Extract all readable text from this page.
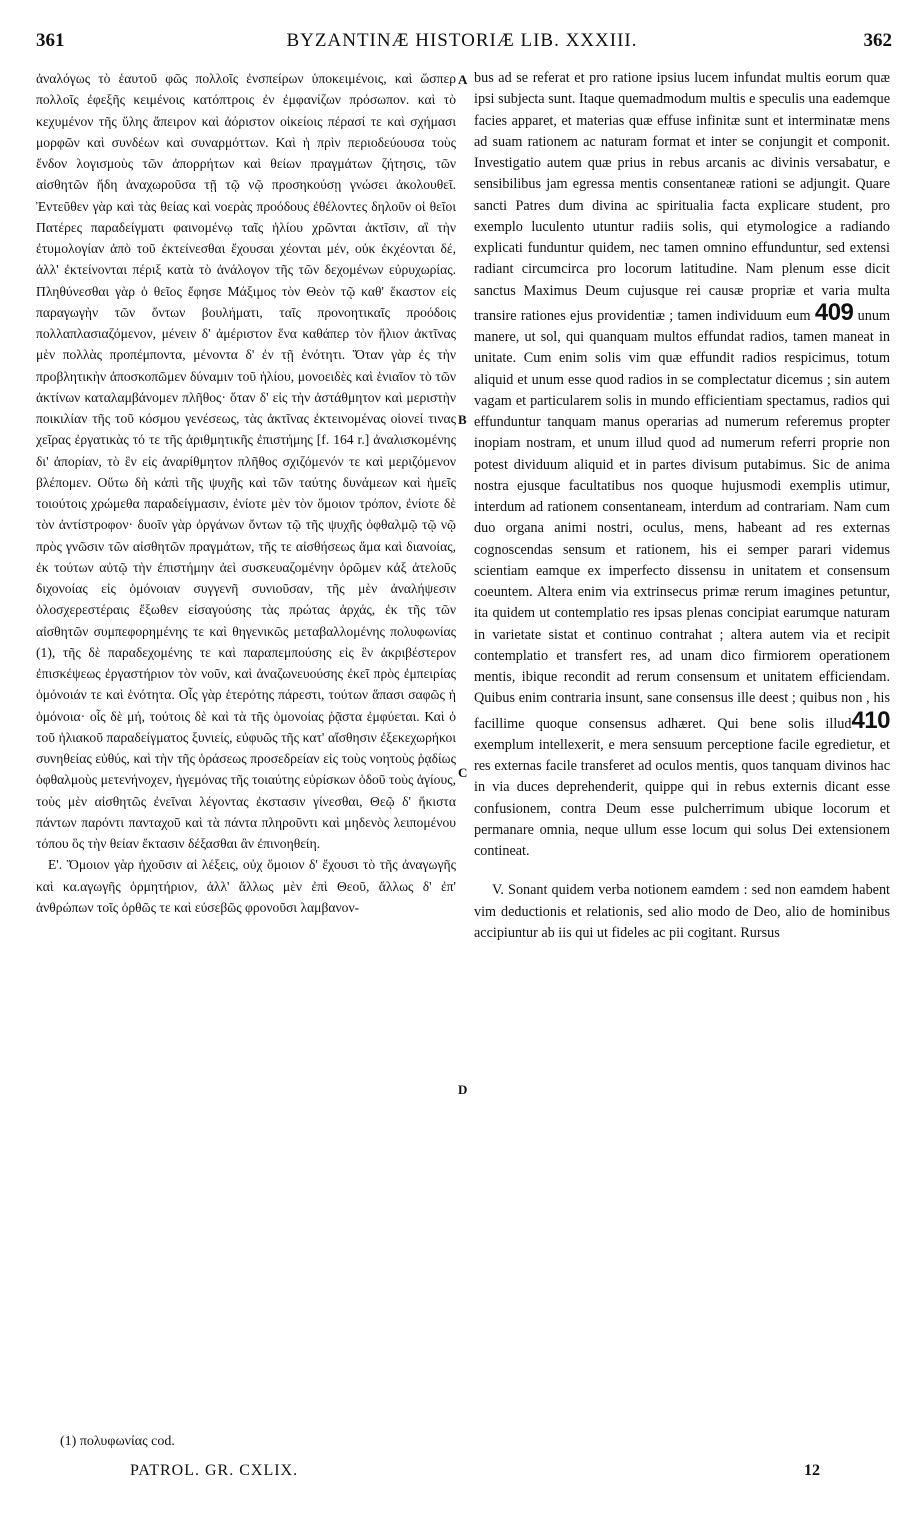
361	BYZANTINÆ HISTORIÆ LIB. XXXIII.	362

ἀναλόγως τὸ ἑαυτοῦ φῶς πολλοῖς ἐνσπείρων ὑποκειμένοις, καὶ ὥσπερ πολλοῖς ἐφεξῆς κειμένοις κατόπτροις ἐν ἐμφανίζων πρόσωπον. καὶ τὸ κεχυμένον τῆς ὕλης ἄπειρον καὶ ἀόριστον οἰκείοις πέρασί τε καὶ σχήμασι μορφῶν καὶ συνδέων καὶ συναρμόττων. Καὶ ἡ πρὶν περιοδεύουσα τοὺς ἔνδον λογισμοὺς τῶν ἀπορρήτων καὶ θείων πραγμάτων ζήτησις, τῶν αἰσθητῶν ἤδη ἀναχωροῦσα τῇ τῷ νῷ προσηκούσῃ γνώσει ἀκολουθεῖ. Ἐντεῦθεν γὰρ καὶ τὰς θείας καὶ νοερὰς προόδους ἐθέλοντες δηλοῦν οἱ θεῖοι Πατέρες παραδείγματι φαινομένῳ ταῖς ἡλίου χρῶνται ἀκτῖσιν, αἳ τὴν ἐτυμολογίαν ἀπὸ τοῦ ἐκτείνεσθαι ἔχουσαι χέονται μέν, οὐκ ἐκχέονται δέ, ἀλλ' ἐκτείνονται πέριξ κατὰ τὸ ἀνάλογον τῆς τῶν δεχομένων εὐρυχωρίας. Πληθύνεσθαι γὰρ ὁ θεῖος ἔφησε Μάξιμος τὸν Θεὸν τῷ καθ' ἕκαστον εἰς παραγωγὴν τῶν ὄντων βουλήματι, ταῖς προνοητικαῖς προόδοις πολλαπλασιαζόμενον, μένειν δ' ἀμέριστον ἕνα καθάπερ τὸν ἥλιον ἀκτῖνας μὲν πολλὰς προπέμποντα, μένοντα δ' ἐν τῇ ἑνότητι. Ὅταν γὰρ ἐς τὴν προβλητικὴν ἀποσκοπῶμεν δύναμιν τοῦ ἡλίου, μονοειδὲς καὶ ἑνιαῖον τὸ τῶν ἀκτίνων καταλαμβάνομεν πλῆθος· ὅταν δ' εἰς τὴν ἀστάθμητον καὶ μεριστὴν ποικιλίαν τῆς τοῦ κόσμου γενέσεως, τὰς ἀκτῖνας ἐκτεινομένας οἱονεί τινας χεῖρας ἐργατικὰς τό τε τῆς ἀριθμητικῆς ἐπιστήμης [f. 164 r.] ἀναλισκομένης δι' ἀπορίαν, τὸ ἓν εἰς ἀναρίθμητον πλῆθος σχιζόμενόν τε καὶ μεριζόμενον βλέπομεν. Οὕτω δὴ κἀπὶ τῆς ψυχῆς καὶ τῶν ταύτης δυνάμεων καὶ ἡμεῖς τοιούτοις χρώμεθα παραδείγμασιν, ἐνίοτε μὲν τὸν ὅμοιον τρόπον, ἐνίοτε δὲ τὸν ἀντίστροφον· δυοῖν γὰρ ὀργάνων ὄντων τῷ τῆς ψυχῆς ὀφθαλμῷ τῷ νῷ πρὸς γνῶσιν τῶν αἰσθητῶν πραγμάτων, τῆς τε αἰσθήσεως ἅμα καὶ διανοίας, ἐκ τούτων αὐτῷ τὴν ἐπιστήμην ἀεὶ συσκευαζομένην ὁρῶμεν κἀξ ἀτελοῦς διχονοίας εἰς ὁμόνοιαν συγγενῆ συνιοῦσαν, τῆς μὲν ἀναλήψεσιν ὁλοσχερεστέραις ἔξωθεν εἰσαγούσης τὰς πρώτας ἀρχάς, ἐκ τῆς τῶν αἰσθητῶν συμπεφορημένης τε καὶ θηγενικῶς μεταβαλλομένης πολυφωνίας (1), τῆς δὲ παραδεχομένης τε καὶ παραπεμπούσης εἰς ἓν ἀκριβέστερον ἐπισκέψεως ἐργαστήριον τὸν νοῦν, καὶ ἀναζωνευούσης ἐκεῖ πρὸς ἐμπειρίας ὁμόνοιάν τε καὶ ἑνότητα. Οἷς γὰρ ἑτερότης πάρεστι, τούτων ἅπασι σαφῶς ἡ ὁμόνοια· οἷς δὲ μή, τούτοις δὲ καὶ τὰ τῆς ὁμονοίας ῥᾷστα ἐμφύεται. Καὶ ὁ τοῦ ἡλιακοῦ παραδείγματος ξυνιείς, εὐφυῶς τῆς κατ' αἴσθησιν ἐξεκεχωρήκοι συνηθείας εὐθύς, καὶ τὴν τῆς ὁράσεως προσεδρείαν εἰς τοὺς νοητοὺς ῥᾳδίως ὀφθαλμοὺς μετενήνοχεν, ἡγεμόνας τῆς τοιαύτης εὑρίσκων ὁδοῦ τοὺς ἁγίους, τοὺς μὲν αἰσθητῶς ἐνεῖναι λέγοντας ἐκστασιν γίνεσθαι, Θεῷ δ' ἥκιστα πάντων παρόντι πανταχοῦ καὶ τὰ πάντα πληροῦντι καὶ μηδενὸς λειπομένου τόπου ὃς τὴν θείαν ἔκτασιν δέξασθαι ἂν ἐπινοηθείη.

Ε'. Ὅμοιον γὰρ ἠχοῦσιν αἱ λέξεις, οὐχ ὅμοιον δ' ἔχουσι τὸ τῆς ἀναγωγῆς καὶ κα.αγωγῆς ὁρμητήριον, ἀλλ' ἄλλως μὲν ἐπὶ Θεοῦ, ἄλλως δ' ἐπ' ἀνθρώπων τοῖς ὀρθῶς τε καὶ εὐσεβῶς φρονοῦσι λαμβανον-

A
B
C
D

bus ad se referat et pro ratione ipsius lucem infundat multis eorum quæ ipsi subjecta sunt. Itaque quemadmodum multis e speculis una eademque facies apparet, et materias quæ effuse infinitæ sunt et interminatæ mens ad suam rationem ac naturam format et inter se conjungit et componit. Investigatio autem quæ prius in rebus arcanis ac divinis versabatur, e sensibilibus jam egressa mentis consentaneæ rationi se adjungit. Quare sancti Patres dum divina ac spiritualia facta explicare student, pro exemplo luculento utuntur radiis solis, qui etymologice a radiando explicati funduntur quidem, nec tamen omnino effunduntur, sed extensi radiant circumcirca pro locorum latitudine. Nam plenum esse dicit sanctus Maximus Deum cujusque rei causæ propriæ et varia multa transire rationes ejus providentiæ ; tamen individuum eum 409 unum manere, ut sol, qui quanquam multos effundat radios, tamen maneat in unitate. Cum enim solis vim quæ effundit radios respicimus, totum aliquid et unum esse quod radios in se complectatur dicemus ; sin autem vagam et particularem solis in mundo efficientiam spectamus, radios qui effunduntur tanquam manus operarias ad numerum referemus propter inopiam nostram, et unum illud quod ad numerum referri proprie non potest dividuum aliquid et in partes divisum putabimus. Sic de anima nostra ejusque facultatibus nos quoque hujusmodi exemplis utimur, interdum ad rationem consentaneam, interdum ad contrariam. Nam cum duo organa animi nostri, oculus, mens, habeant ad res externas cognoscendas sensum et rationem, his ei semper parari videmus scientiam eamque ex imperfecto dissensu in unitatem et consensum coeuntem. Altera enim via extrinsecus primæ rerum imagines petuntur, ita quidem ut contemplatio res ipsas plenas concipiat earumque naturam in varietate sistat et continuo contrahat ; altera autem via et recipit contemplatio et transfert res, ad unam dico firmiorem operationem mentis, ibique recondit ad rerum consensum et unitatem efficiendam. Quibus enim contraria insunt, sane consensus ille deest ; quibus non , his facillime quoque consensus adhæret. Qui bene solis illud410 exemplum intellexerit, e mera sensuum perceptione facile egredietur, et res externas facile transferet ad oculos mentis, quos tanquam divinos hac in via duces deprehenderit, quippe qui in rebus externis dicant esse confusionem, contra Deum esse pulcherrimum ubique locorum et permanare omnia, neque ullum esse locum qui solus Dei extensionem contineat.

V. Sonant quidem verba notionem eamdem : sed non eamdem habent vim deductionis et relationis, sed alio modo de Deo, alio de hominibus accipiuntur ab iis qui ut fideles ac pii cogitant. Rursus

(1) πολυφωνίας cod.
PATROL. GR. CXLIX.	12
